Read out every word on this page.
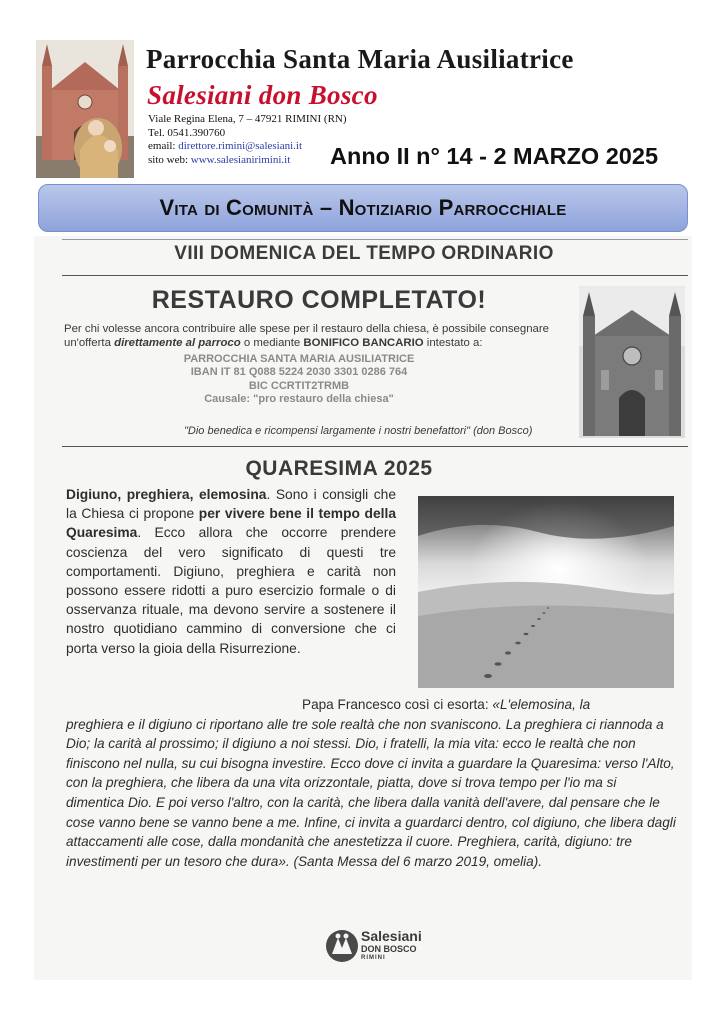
Parrocchia Santa Maria Ausiliatrice
Salesiani don Bosco
Viale Regina Elena, 7 – 47921 RIMINI (RN)
Tel. 0541.390760
email: direttore.rimini@salesiani.it
sito web: www.salesianirimini.it	Anno II n° 14 - 2 MARZO 2025
Vita di Comunità – Notiziario Parrocchiale
VIII DOMENICA DEL TEMPO ORDINARIO
RESTAURO COMPLETATO!
Per chi volesse ancora contribuire alle spese per il restauro della chiesa, è possibile consegnare un'offerta direttamente al parroco o mediante BONIFICO BANCARIO intestato a:
PARROCCHIA SANTA MARIA AUSILIATRICE
IBAN IT 81 Q088 5224 2030 3301 0286 764
BIC CCRTIT2TRMB
Causale: "pro restauro della chiesa"
"Dio benedica e ricompensi largamente i nostri benefattori" (don Bosco)
QUARESIMA 2025

Digiuno, preghiera, elemosina. Sono i consigli che la Chiesa ci propone per vivere bene il tempo della Quaresima. Ecco allora che occorre prendere coscienza del vero significato di questi tre comportamenti. Digiuno, preghiera e carità non possono essere ridotti a puro esercizio formale o di osservanza rituale, ma devono servire a sostenere il nostro quotidiano cammino di conversione che ci porta verso la gioia della Risurrezione.

Papa Francesco così ci esorta: «L'elemosina, la

preghiera e il digiuno ci riportano alle tre sole realtà che non svaniscono. La preghiera ci riannoda a Dio; la carità al prossimo; il digiuno a noi stessi. Dio, i fratelli, la mia vita: ecco le realtà che non finiscono nel nulla, su cui bisogna investire. Ecco dove ci invita a guardare la Quaresima: verso l'Alto, con la preghiera, che libera da una vita orizzontale, piatta, dove si trova tempo per l'io ma si dimentica Dio. E poi verso l'altro, con la carità, che libera dalla vanità dell'avere, dal pensare che le cose vanno bene se vanno bene a me. Infine, ci invita a guardarci dentro, col digiuno, che libera dagli attaccamenti alle cose, dalla mondanità che anestetizza il cuore. Preghiera, carità, digiuno: tre investimenti per un tesoro che dura». (Santa Messa del 6 marzo 2019, omelia).

Salesiani
DON BOSCO
RIMINI
